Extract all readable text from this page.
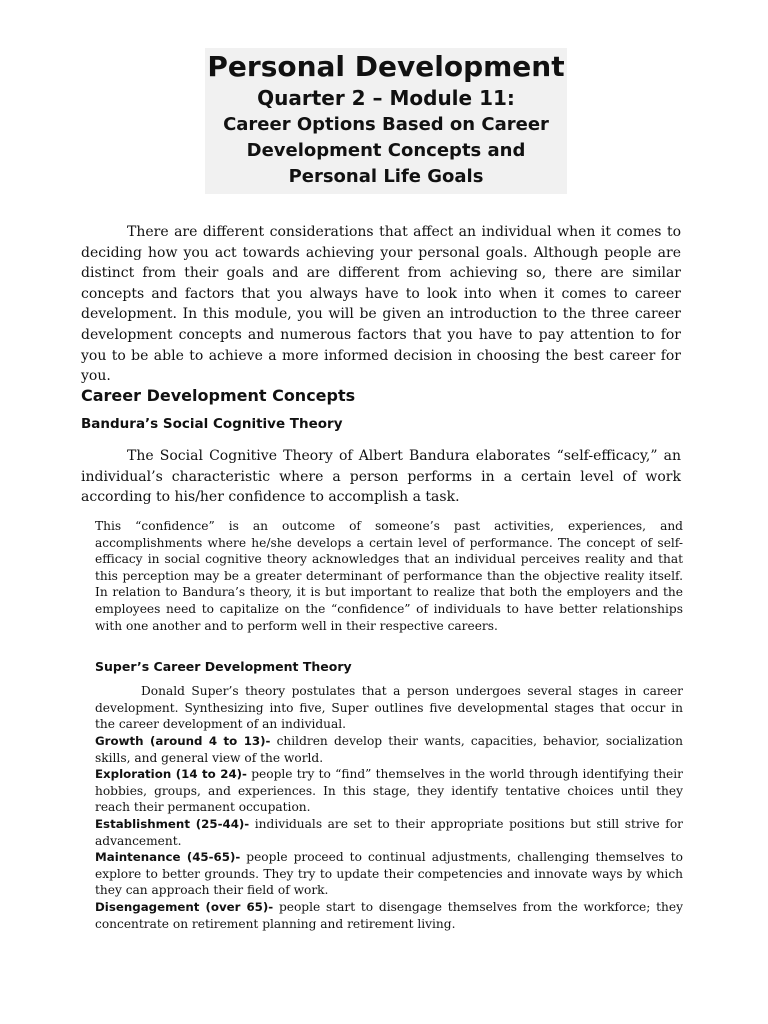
Personal Development
Quarter 2 – Module 11:
Career Options Based on Career
Development Concepts and
Personal Life Goals

There are different considerations that affect an individual when it comes to deciding how you act towards achieving your personal goals. Although people are distinct from their goals and are different from achieving so, there are similar concepts and factors that you always have to look into when it comes to career development. In this module, you will be given an introduction to the three career development concepts and numerous factors that you have to pay attention to for you to be able to achieve a more informed decision in choosing the best career for you.

Career Development Concepts
Bandura’s Social Cognitive Theory

The Social Cognitive Theory of Albert Bandura elaborates “self-efficacy,” an individual’s characteristic where a person performs in a certain level of work according to his/her confidence to accomplish a task.

This “confidence” is an outcome of someone’s past activities, experiences, and accomplishments where he/she develops a certain level of performance. The concept of self-efficacy in social cognitive theory acknowledges that an individual perceives reality and that this perception may be a greater determinant of performance than the objective reality itself. In relation to Bandura’s theory, it is but important to realize that both the employers and the employees need to capitalize on the “confidence” of individuals to have better relationships with one another and to perform well in their respective careers.

Super’s Career Development Theory

Donald Super’s theory postulates that a person undergoes several stages in career development. Synthesizing into five, Super outlines five developmental stages that occur in the career development of an individual.

Growth (around 4 to 13)- children develop their wants, capacities, behavior, socialization skills, and general view of the world.

Exploration (14 to 24)- people try to “find” themselves in the world through identifying their hobbies, groups, and experiences. In this stage, they identify tentative choices until they reach their permanent occupation.

Establishment (25-44)- individuals are set to their appropriate positions but still strive for advancement.

Maintenance (45-65)- people proceed to continual adjustments, challenging themselves to explore to better grounds. They try to update their competencies and innovate ways by which they can approach their field of work.

Disengagement (over 65)- people start to disengage themselves from the workforce; they concentrate on retirement planning and retirement living.
